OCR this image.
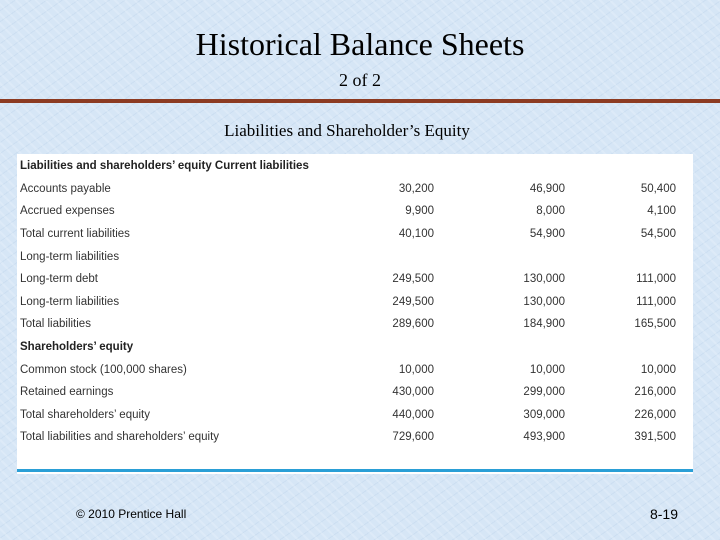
Historical Balance Sheets
2 of 2
Liabilities and Shareholder’s Equity
Liabilities and shareholders’ equity Current liabilities			
Accounts payable	30,200	46,900	50,400
Accrued expenses	9,900	8,000	4,100
Total current liabilities	40,100	54,900	54,500
Long-term liabilities			
Long-term debt	249,500	130,000	111,000
Long-term liabilities	249,500	130,000	111,000
Total liabilities	289,600	184,900	165,500
Shareholders’ equity			
Common stock (100,000 shares)	10,000	10,000	10,000
Retained earnings	430,000	299,000	216,000
Total shareholders’ equity	440,000	309,000	226,000
Total liabilities and shareholders’ equity	729,600	493,900	391,500
© 2010 Prentice Hall	8-19
